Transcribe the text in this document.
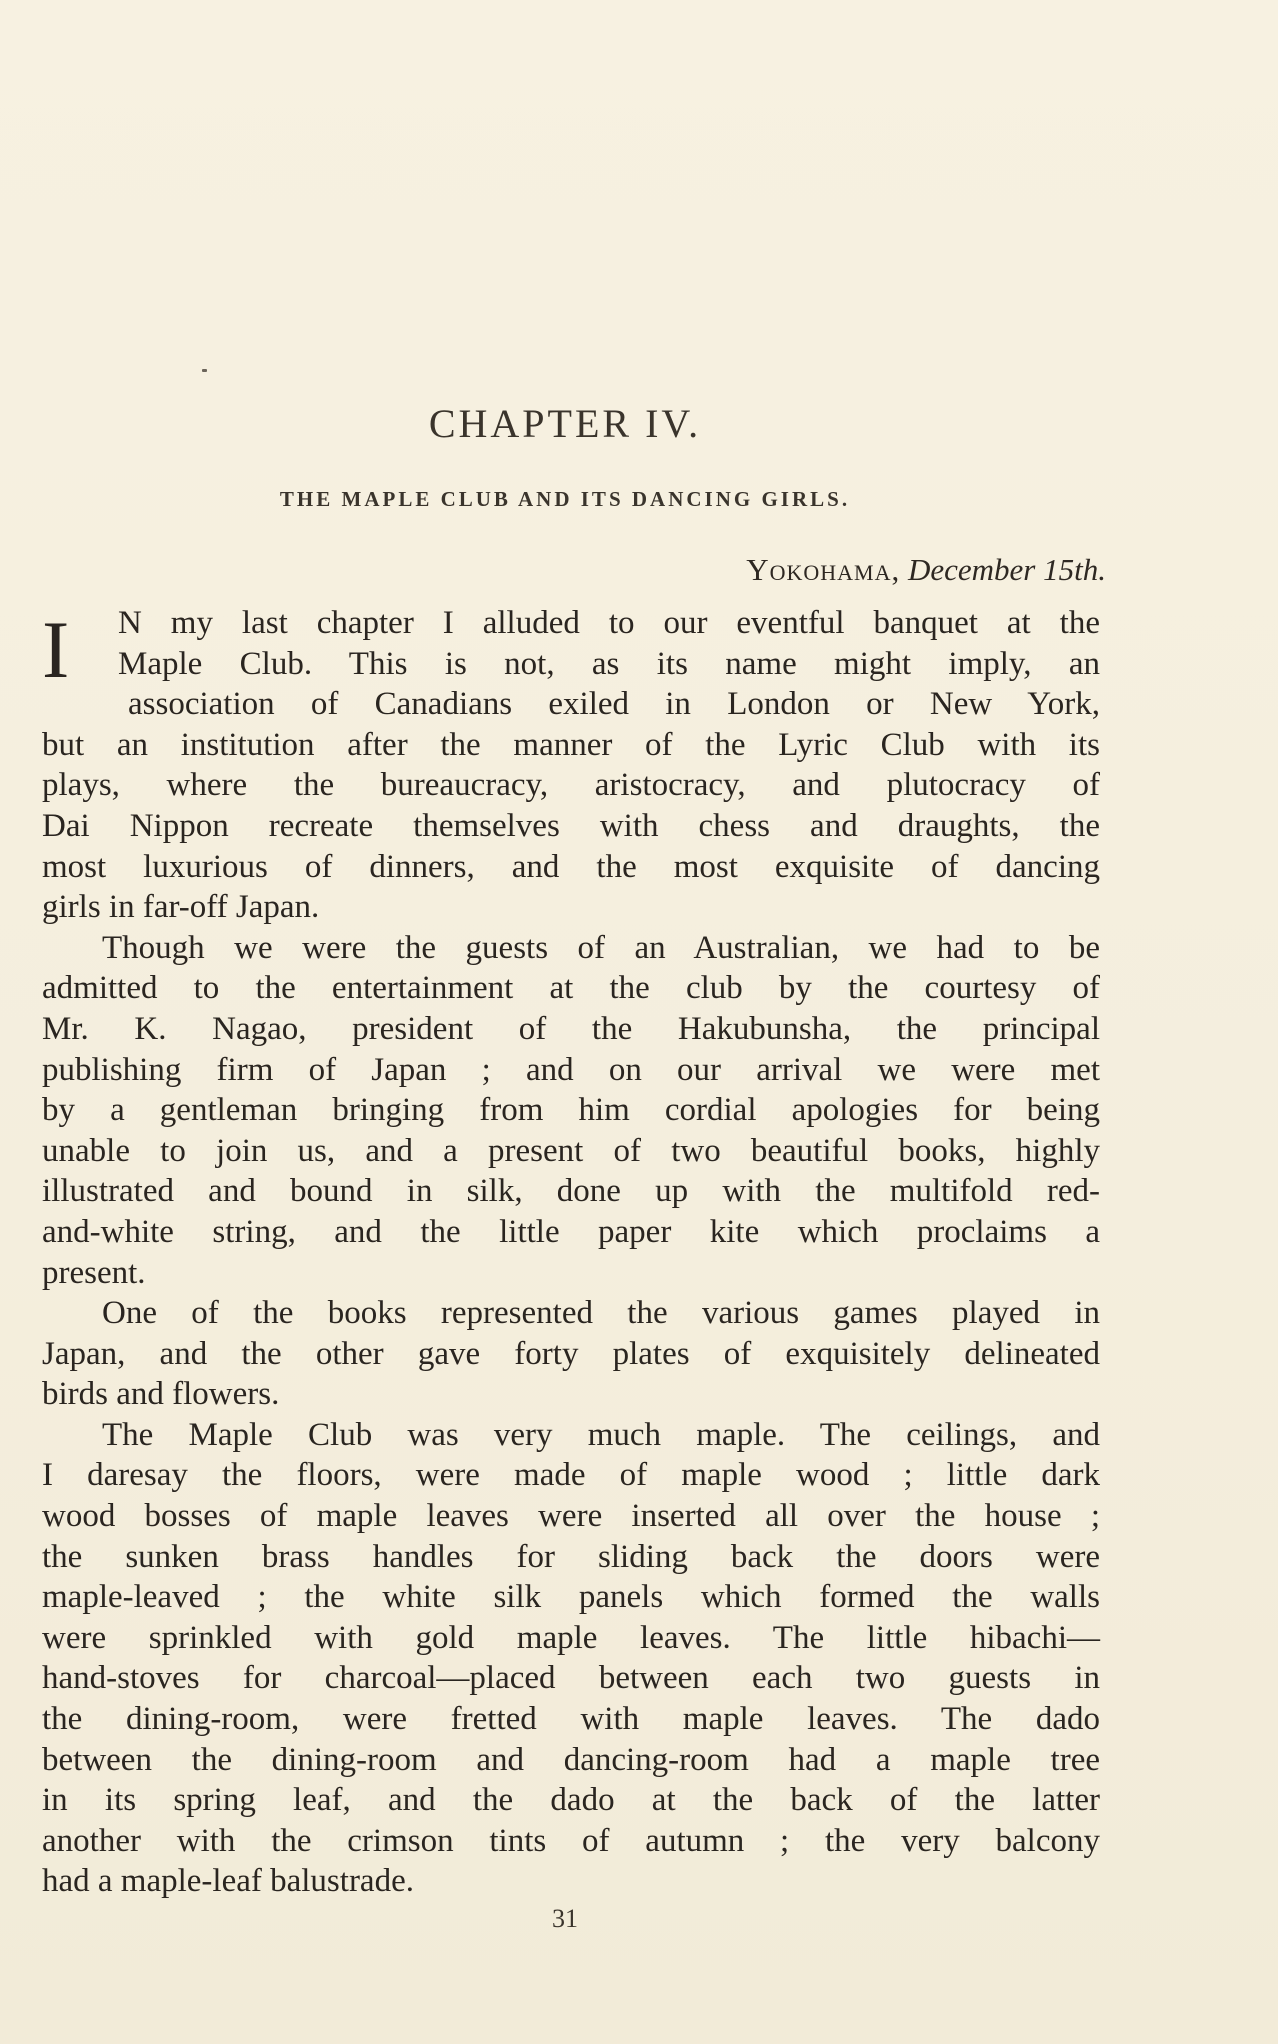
CHAPTER IV.
THE MAPLE CLUB AND ITS DANCING GIRLS.
Yokohama, December 15th.
I	N my last chapter I alluded to our eventful banquet at the
Maple Club. This is not, as its name might imply, an
association of Canadians exiled in London or New York,
but an institution after the manner of the Lyric Club with its
plays, where the bureaucracy, aristocracy, and plutocracy of
Dai Nippon recreate themselves with chess and draughts, the
most luxurious of dinners, and the most exquisite of dancing
girls in far-off Japan.
Though we were the guests of an Australian, we had to be
admitted to the entertainment at the club by the courtesy of
Mr. K. Nagao, president of the Hakubunsha, the principal
publishing firm of Japan ; and on our arrival we were met
by a gentleman bringing from him cordial apologies for being
unable to join us, and a present of two beautiful books, highly
illustrated and bound in silk, done up with the multifold red-
and-white string, and the little paper kite which proclaims a
present.
One of the books represented the various games played in
Japan, and the other gave forty plates of exquisitely delineated
birds and flowers.
The Maple Club was very much maple. The ceilings, and
I daresay the floors, were made of maple wood ; little dark
wood bosses of maple leaves were inserted all over the house ;
the sunken brass handles for sliding back the doors were
maple-leaved ; the white silk panels which formed the walls
were sprinkled with gold maple leaves. The little hibachi—
hand-stoves for charcoal—placed between each two guests in
the dining-room, were fretted with maple leaves. The dado
between the dining-room and dancing-room had a maple tree
in its spring leaf, and the dado at the back of the latter
another with the crimson tints of autumn ; the very balcony
had a maple-leaf balustrade.
31
